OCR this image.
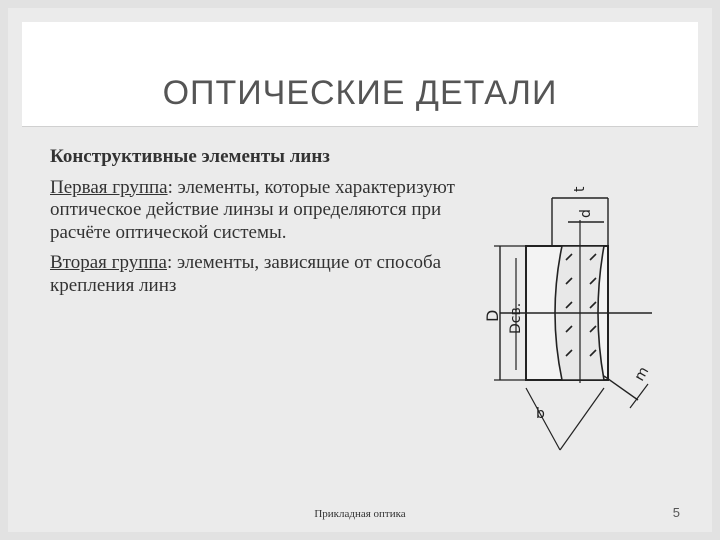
ОПТИЧЕСКИЕ ДЕТАЛИ
Конструктивные элементы линз
Первая группа: элементы, которые характеризуют оптическое действие линзы и определяются при расчёте оптической системы.
Вторая группа: элементы, зависящие от способа крепления линз
t
d
D Dсв.
b
m
Прикладная оптика	5
